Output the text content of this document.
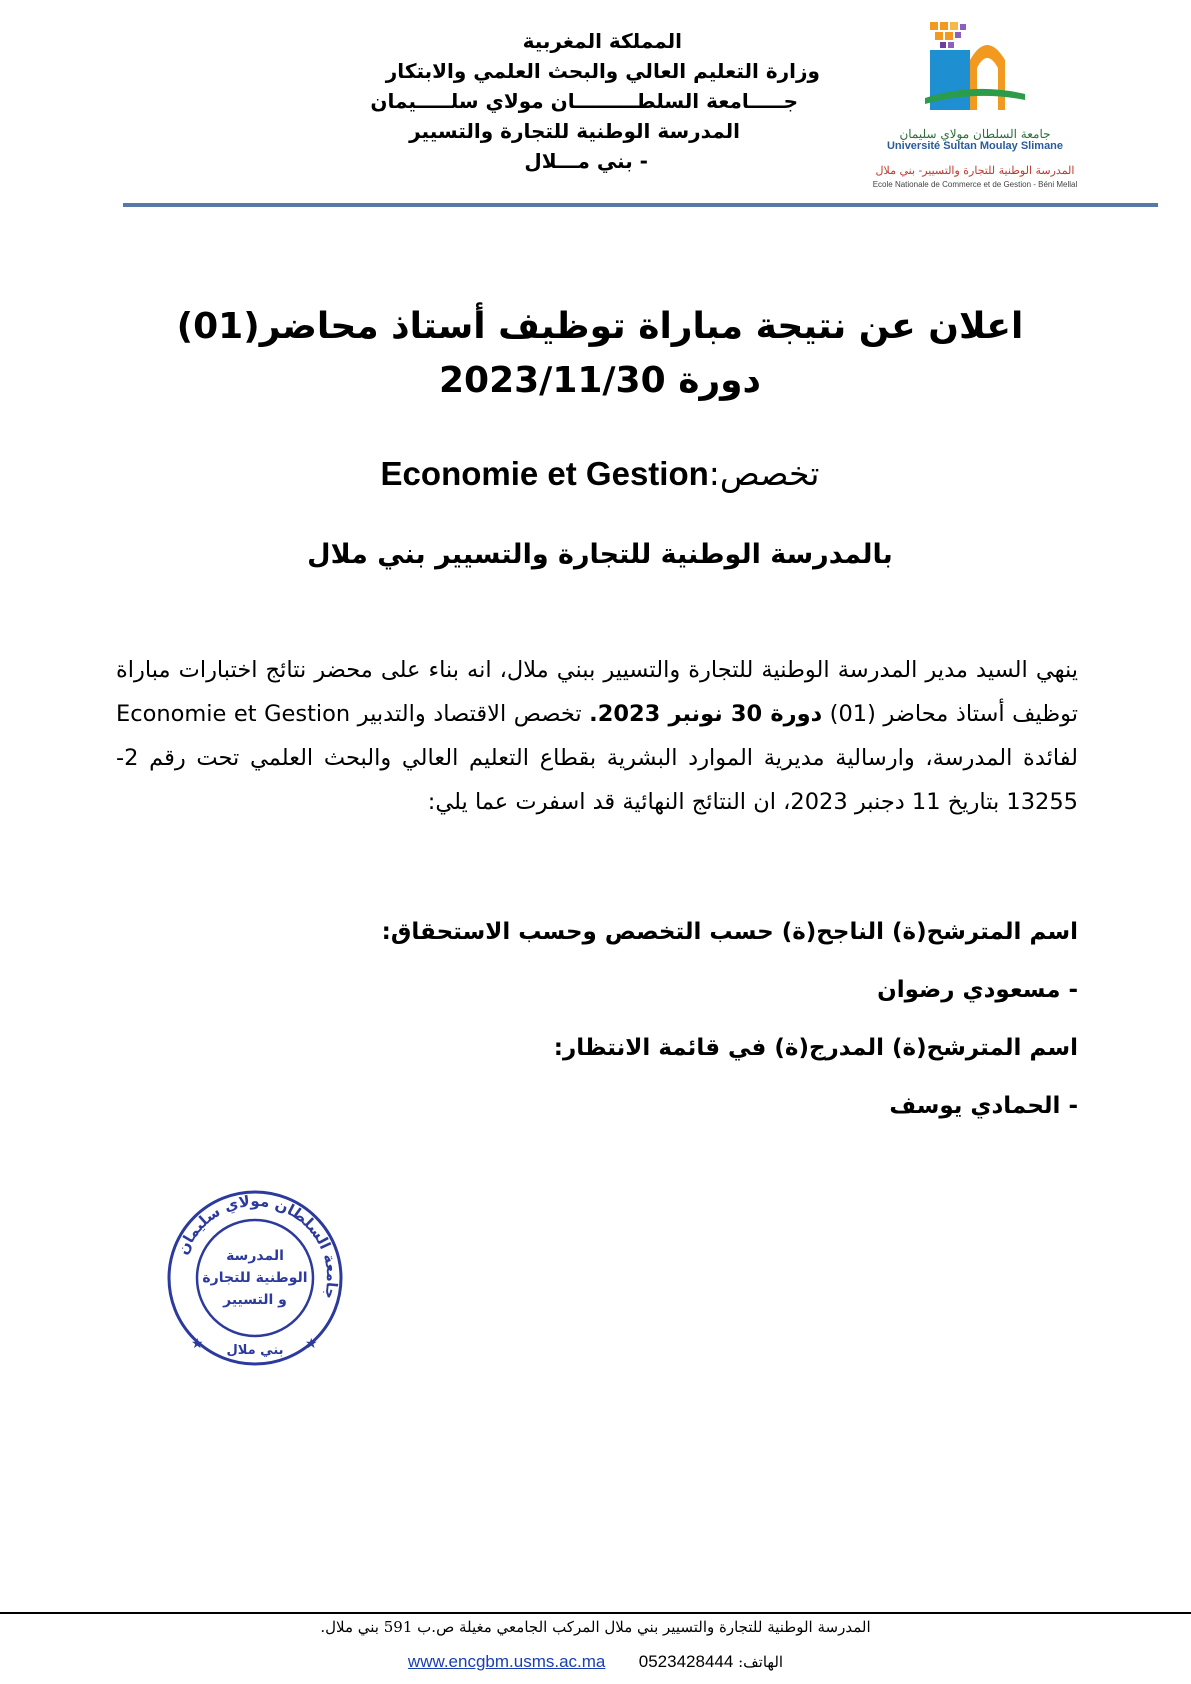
المملكة المغربية
وزارة التعليم العالي والبحث العلمي والابتكار
جـــــامعة السلطـــــــــان مولاي سلـــــيمان
المدرسة الوطنية للتجارة والتسيير
- بني مـــلال
جامعة السلطان مولاي سليمان
Université Sultan Moulay Slimane
المدرسة الوطنية للتجارة والتسيير- بني ملال
Ecole Nationale de Commerce et de Gestion - Béni Mellal
اعلان عن نتيجة مباراة توظيف أستاذ محاضر(01)
دورة 2023/11/30
تخصص:Economie et Gestion
بالمدرسة الوطنية للتجارة والتسيير بني ملال
ينهي السيد مدير المدرسة الوطنية للتجارة والتسيير ببني ملال، انه بناء على محضر نتائج اختبارات مباراة توظيف أستاذ محاضر (01) دورة 30 نونبر 2023. تخصص الاقتصاد والتدبير Economie et Gestion لفائدة المدرسة، وارسالية مديرية الموارد البشرية بقطاع التعليم العالي والبحث العلمي تحت رقم 2-13255 بتاريخ 11 دجنبر 2023، ان النتائج النهائية قد اسفرت عما يلي:
اسم المترشح(ة) الناجح(ة) حسب التخصص وحسب الاستحقاق:
- مسعودي رضوان
اسم المترشح(ة) المدرج(ة) في قائمة الانتظار:
- الحمادي يوسف
جامعة السلطان مولاي سليمان
المدرسة
الوطنية للتجارة
و التسيير
بني ملال
★	★
المدرسة الوطنية للتجارة والتسيير بني ملال المركب الجامعي مغيلة ص.ب 591 بني ملال.
الهاتف: 0523428444       www.encgbm.usms.ac.ma
